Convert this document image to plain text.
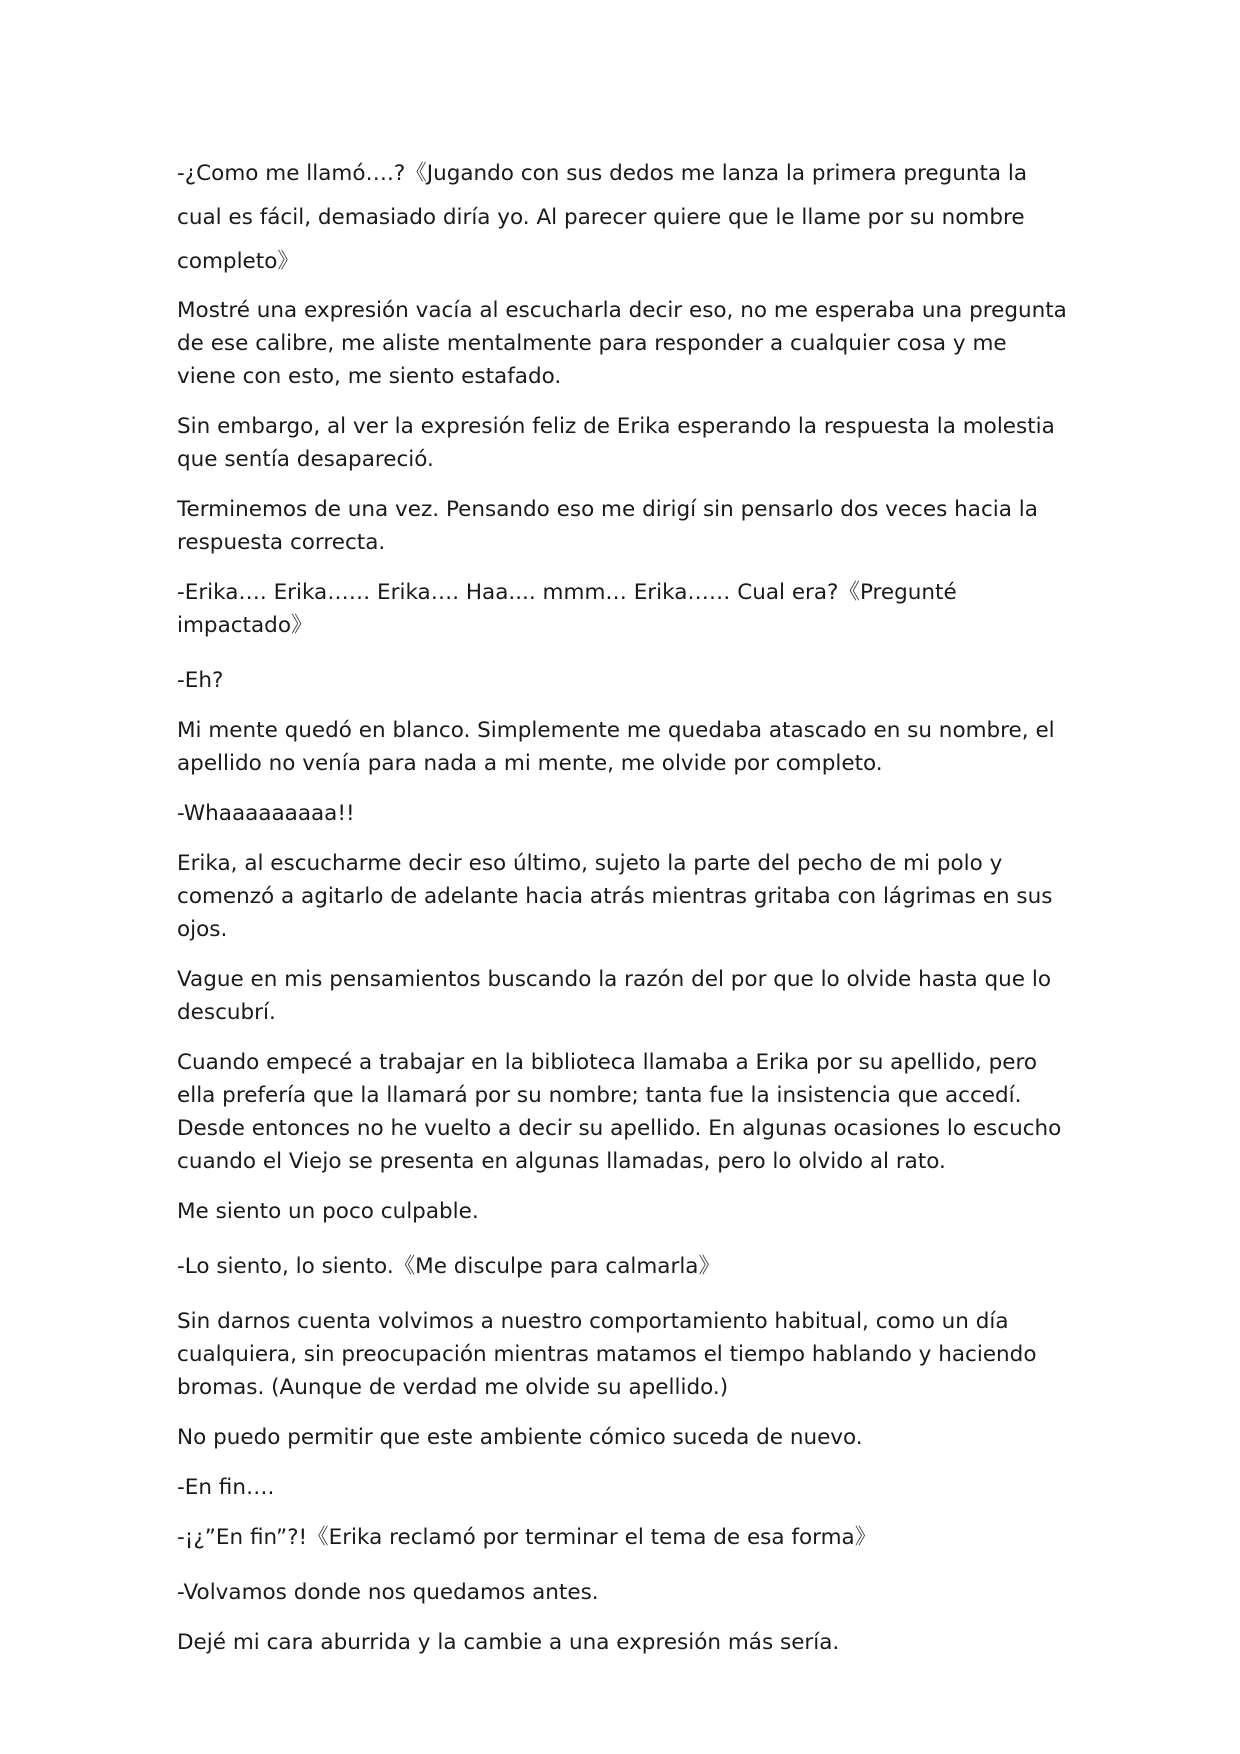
-¿Como me llamó….?《Jugando con sus dedos me lanza la primera pregunta la cual es fácil, demasiado diría yo. Al parecer quiere que le llame por su nombre completo》

Mostré una expresión vacía al escucharla decir eso, no me esperaba una pregunta de ese calibre, me aliste mentalmente para responder a cualquier cosa y me viene con esto, me siento estafado.

Sin embargo, al ver la expresión feliz de Erika esperando la respuesta la molestia que sentía desapareció.

Terminemos de una vez. Pensando eso me dirigí sin pensarlo dos veces hacia la respuesta correcta.

-Erika…. Erika…… Erika…. Haa.... mmm… Erika…… Cual era?《Pregunté impactado》

-Eh?

Mi mente quedó en blanco. Simplemente me quedaba atascado en su nombre, el apellido no venía para nada a mi mente, me olvide por completo.

-Whaaaaaaaaa!!

Erika, al escucharme decir eso último, sujeto la parte del pecho de mi polo y comenzó a agitarlo de adelante hacia atrás mientras gritaba con lágrimas en sus ojos.

Vague en mis pensamientos buscando la razón del por que lo olvide hasta que lo descubrí.

Cuando empecé a trabajar en la biblioteca llamaba a Erika por su apellido, pero ella prefería que la llamará por su nombre; tanta fue la insistencia que accedí. Desde entonces no he vuelto a decir su apellido. En algunas ocasiones lo escucho cuando el Viejo se presenta en algunas llamadas, pero lo olvido al rato.

Me siento un poco culpable.

-Lo siento, lo siento.《Me disculpe para calmarla》

Sin darnos cuenta volvimos a nuestro comportamiento habitual, como un día cualquiera, sin preocupación mientras matamos el tiempo hablando y haciendo bromas. (Aunque de verdad me olvide su apellido.)

No puedo permitir que este ambiente cómico suceda de nuevo.

-En fin….

-¡¿”En fin”?!《Erika reclamó por terminar el tema de esa forma》

-Volvamos donde nos quedamos antes.

Dejé mi cara aburrida y la cambie a una expresión más sería.
